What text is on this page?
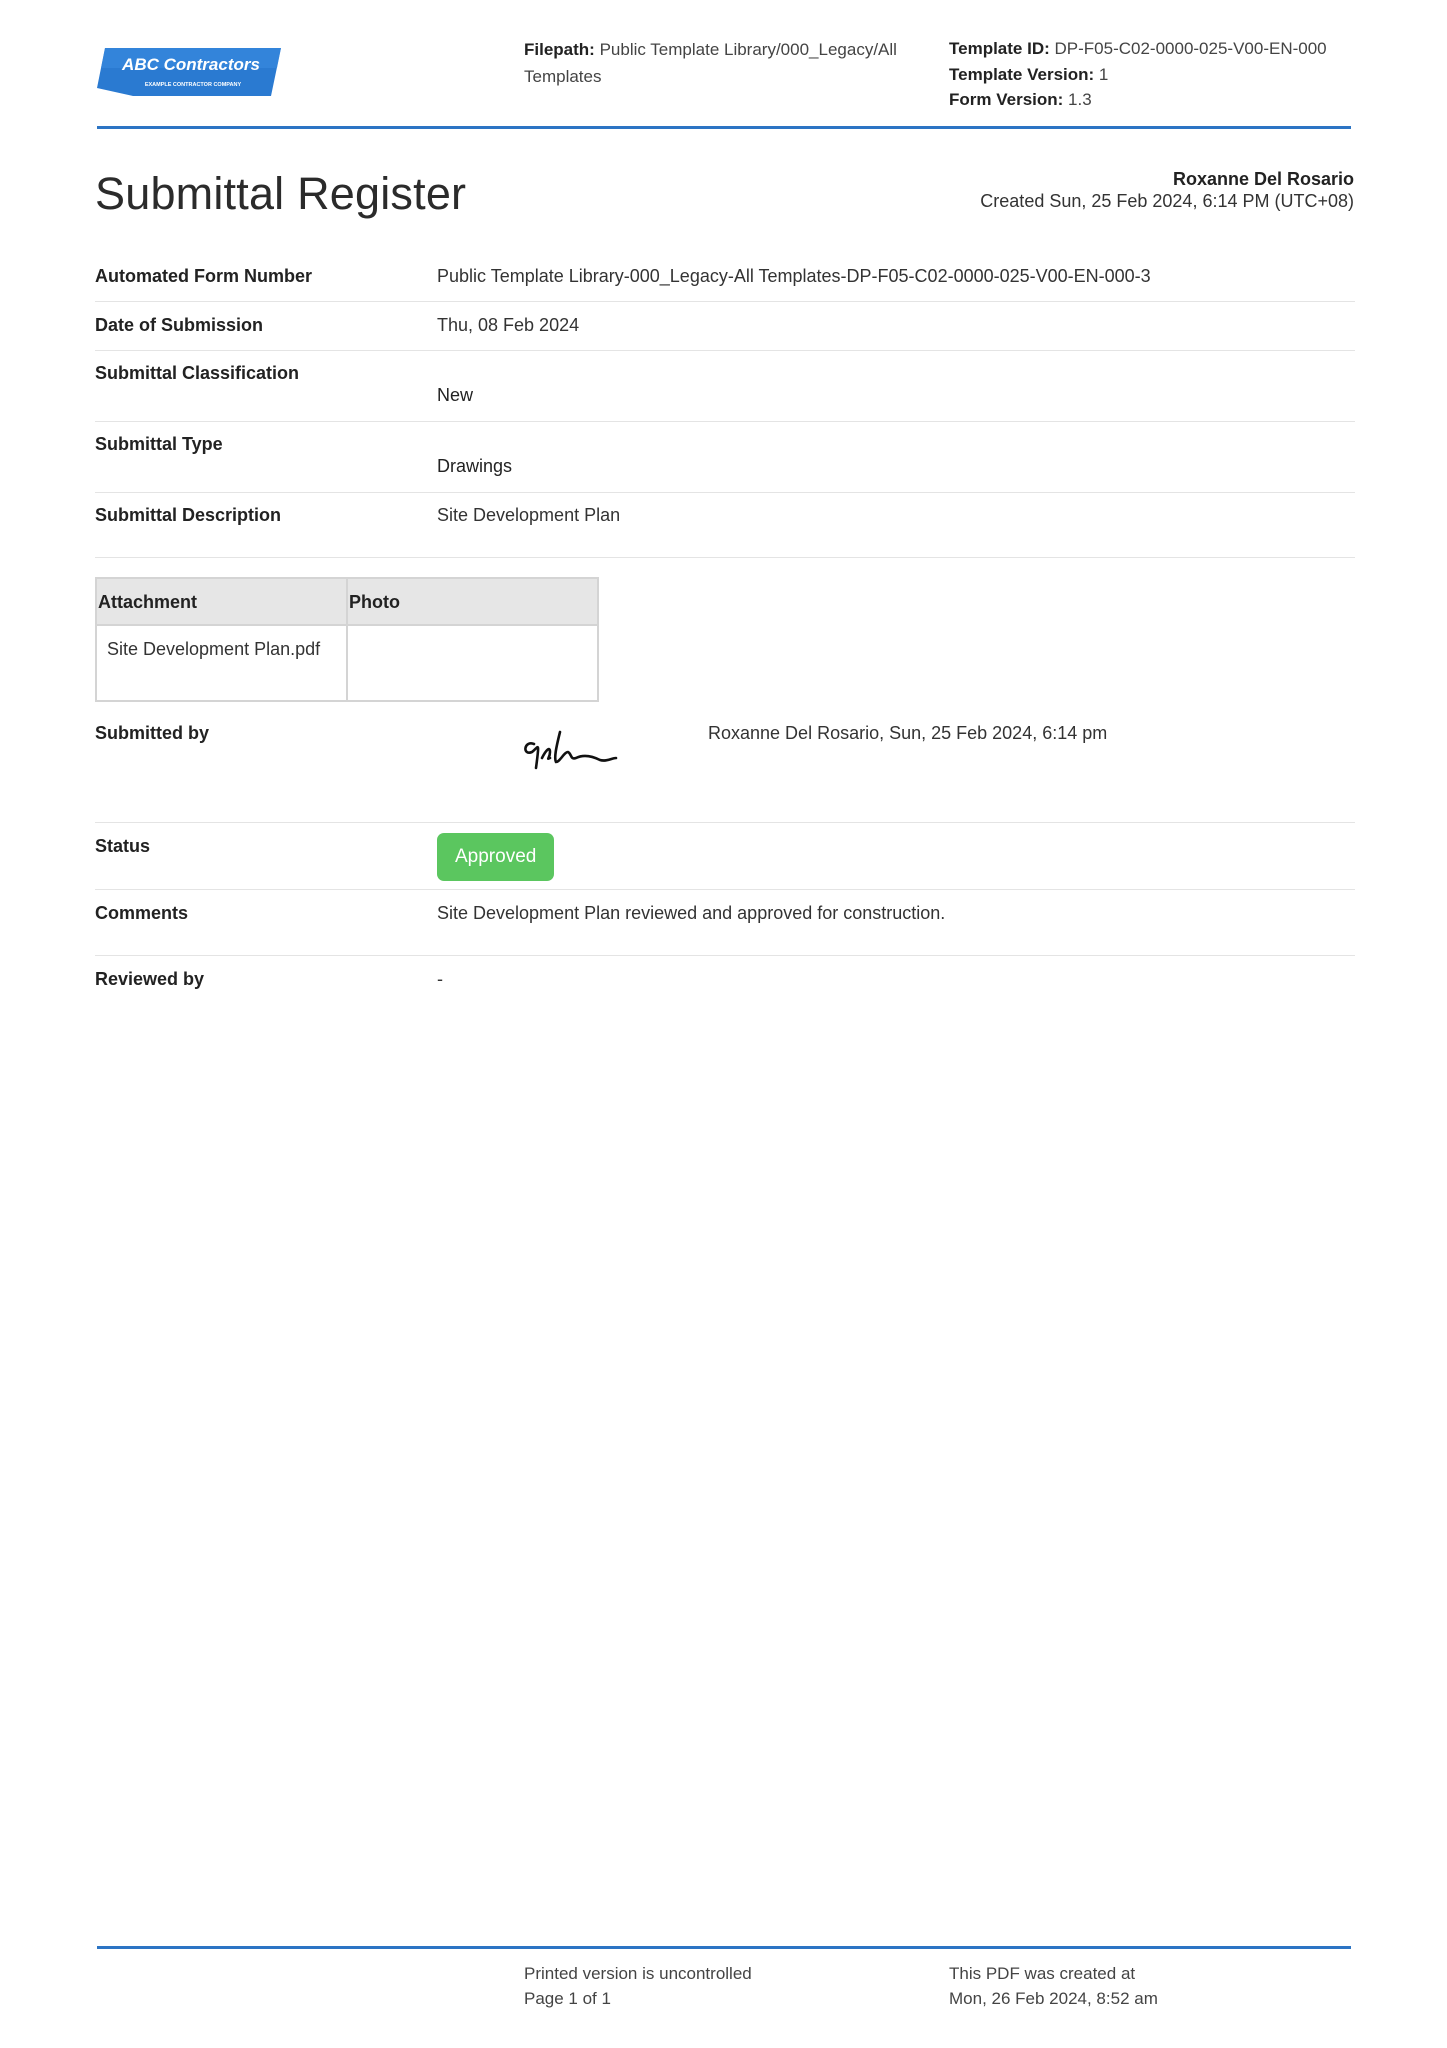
ABC Contractors
EXAMPLE CONTRACTOR COMPANY
Filepath: Public Template Library/000_Legacy/All Templates
Template ID: DP-F05-C02-0000-025-V00-EN-000
Template Version: 1
Form Version: 1.3
Submittal Register	Roxanne Del Rosario
Created Sun, 25 Feb 2024, 6:14 PM (UTC+08)
Automated Form Number	Public Template Library-000_Legacy-All Templates-DP-F05-C02-0000-025-V00-EN-000-3
Date of Submission	Thu, 08 Feb 2024
Submittal Classification
New
Submittal Type
Drawings
Submittal Description	Site Development Plan
Attachment	Photo
Site Development Plan.pdf
Submitted by	Roxanne Del Rosario, Sun, 25 Feb 2024, 6:14 pm
Status	Approved
Comments	Site Development Plan reviewed and approved for construction.
Reviewed by	-
Printed version is uncontrolled
Page 1 of 1
This PDF was created at
Mon, 26 Feb 2024, 8:52 am
